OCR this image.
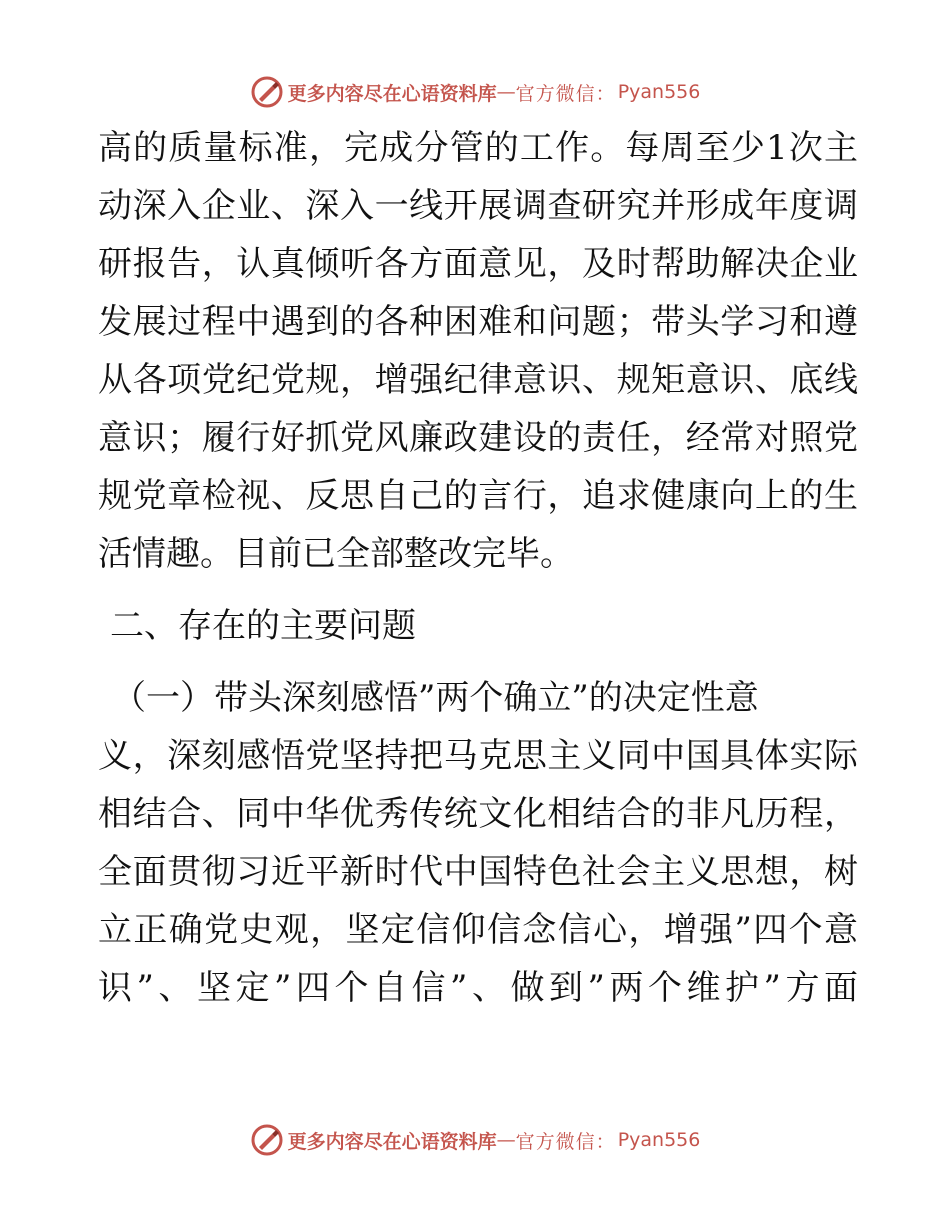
更多内容尽在心语资料库 — 官方微信： Pyan556
高的质量标准，完成分管的工作。每周至少1次主
动深入企业、深入一线开展调查研究并形成年度调
研报告，认真倾听各方面意见，及时帮助解决企业
发展过程中遇到的各种困难和问题；带头学习和遵
从各项党纪党规，增强纪律意识、规矩意识、底线
意识；履行好抓党风廉政建设的责任，经常对照党
规党章检视、反思自己的言行，追求健康向上的生
活情趣。目前已全部整改完毕。
二、存在的主要问题
（一）带头深刻感悟”两个确立”的决定性意
义，深刻感悟党坚持把马克思主义同中国具体实际
相结合、同中华优秀传统文化相结合的非凡历程，
全面贯彻习近平新时代中国特色社会主义思想，树
立正确党史观，坚定信仰信念信心，增强”四个意
识”、坚定”四个自信”、做到”两个维护”方面
更多内容尽在心语资料库 — 官方微信： Pyan556
